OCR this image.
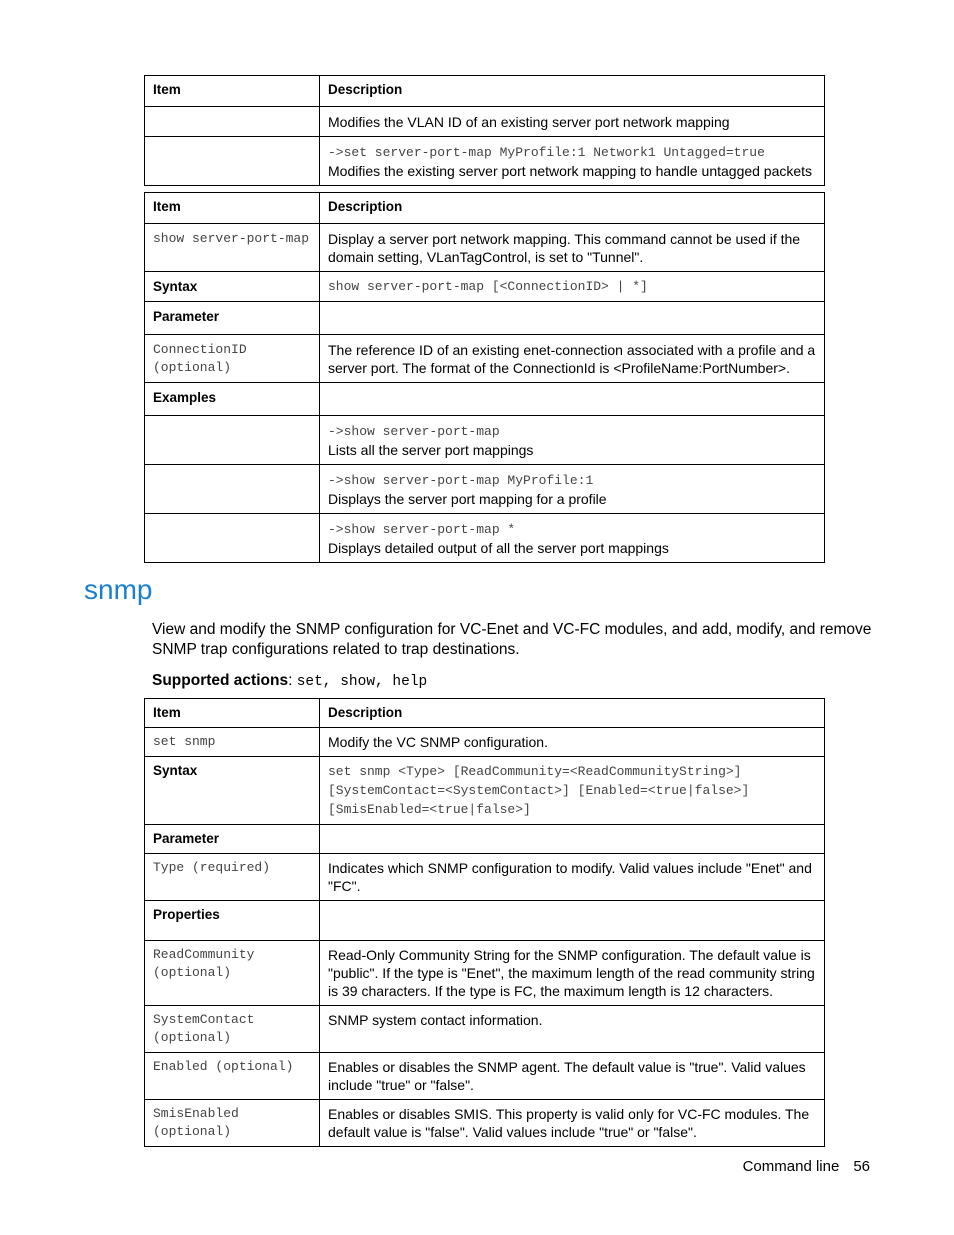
Item	Description
	Modifies the VLAN ID of an existing server port network mapping

	->set server-port-map MyProfile:1 Network1 Untagged=true
Modifies the existing server port network mapping to handle untagged packets
Item	Description
show server-port-map	Display a server port network mapping. This command cannot be used if the domain setting, VLanTagControl, is set to "Tunnel".
Syntax	show server-port-map [<ConnectionID> | *]
Parameter	
ConnectionID (optional)	The reference ID of an existing enet-connection associated with a profile and a server port. The format of the ConnectionId is <ProfileName:PortNumber>.
Examples	

	->show server-port-map
Lists all the server port mappings

	->show server-port-map MyProfile:1
Displays the server port mapping for a profile

	->show server-port-map *
Displays detailed output of all the server port mappings
snmp

View and modify the SNMP configuration for VC-Enet and VC-FC modules, and add, modify, and remove SNMP trap configurations related to trap destinations.

Supported actions: set, show, help

Item	Description
set snmp	Modify the VC SNMP configuration.
Syntax	set snmp <Type> [ReadCommunity=<ReadCommunityString>] [SystemContact=<SystemContact>] [Enabled=<true|false>] [SmisEnabled=<true|false>]
Parameter	
Type (required)	Indicates which SNMP configuration to modify. Valid values include "Enet" and "FC".
Properties	
ReadCommunity (optional)	Read-Only Community String for the SNMP configuration. The default value is "public". If the type is "Enet", the maximum length of the read community string is 39 characters. If the type is FC, the maximum length is 12 characters.
SystemContact (optional)	SNMP system contact information.
Enabled (optional)	Enables or disables the SNMP agent. The default value is "true". Valid values include "true" or "false".
SmisEnabled (optional)	Enables or disables SMIS. This property is valid only for VC-FC modules. The default value is "false". Valid values include "true" or "false".
Command line 56
